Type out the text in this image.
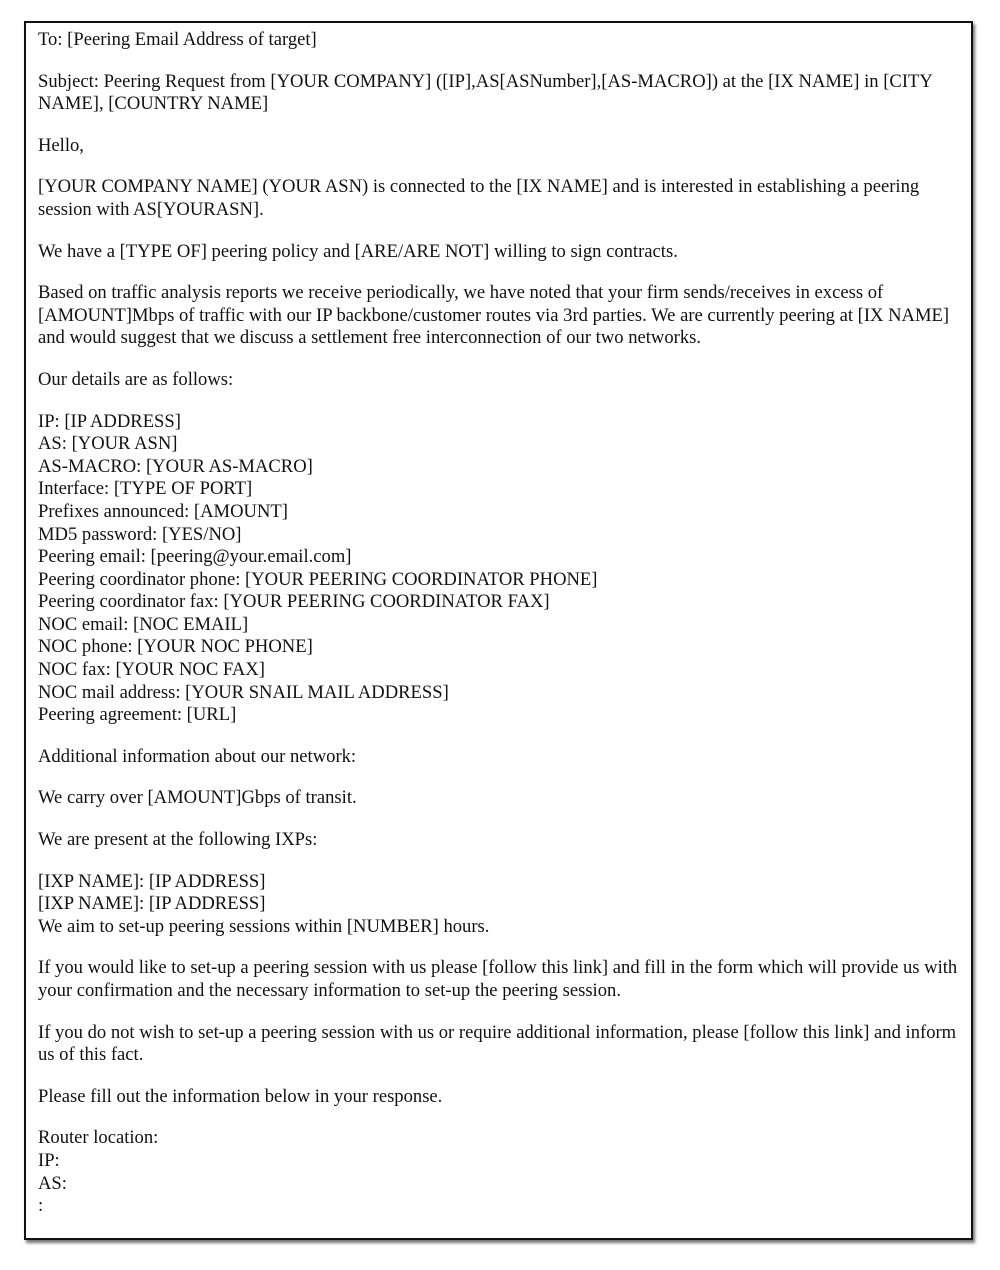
To: [Peering Email Address of target]

Subject: Peering Request from [YOUR COMPANY] ([IP],AS[ASNumber],[AS-MACRO]) at the [IX NAME] in [CITY NAME], [COUNTRY NAME]

Hello,

[YOUR COMPANY NAME] (YOUR ASN) is connected to the [IX NAME] and is interested in establishing a peering session with AS[YOURASN].

We have a [TYPE OF] peering policy and [ARE/ARE NOT] willing to sign contracts.

Based on traffic analysis reports we receive periodically, we have noted that your firm sends/receives in excess of [AMOUNT]Mbps of traffic with our IP backbone/customer routes via 3rd parties. We are currently peering at [IX NAME] and would suggest that we discuss a settlement free interconnection of our two networks.

Our details are as follows:

IP: [IP ADDRESS]
AS: [YOUR ASN]
AS-MACRO: [YOUR AS-MACRO]
Interface: [TYPE OF PORT]
Prefixes announced: [AMOUNT]
MD5 password: [YES/NO]
Peering email: [peering@your.email.com]
Peering coordinator phone: [YOUR PEERING COORDINATOR PHONE]
Peering coordinator fax: [YOUR PEERING COORDINATOR FAX]
NOC email: [NOC EMAIL]
NOC phone: [YOUR NOC PHONE]
NOC fax: [YOUR NOC FAX]
NOC mail address: [YOUR SNAIL MAIL ADDRESS]
Peering agreement: [URL]

Additional information about our network:

We carry over [AMOUNT]Gbps of transit.

We are present at the following IXPs:

[IXP NAME]: [IP ADDRESS]
[IXP NAME]: [IP ADDRESS]
We aim to set-up peering sessions within [NUMBER] hours.

If you would like to set-up a peering session with us please [follow this link] and fill in the form which will provide us with your confirmation and the necessary information to set-up the peering session.

If you do not wish to set-up a peering session with us or require additional information, please [follow this link] and inform us of this fact.

Please fill out the information below in your response.

Router location:
IP:
AS:
:
